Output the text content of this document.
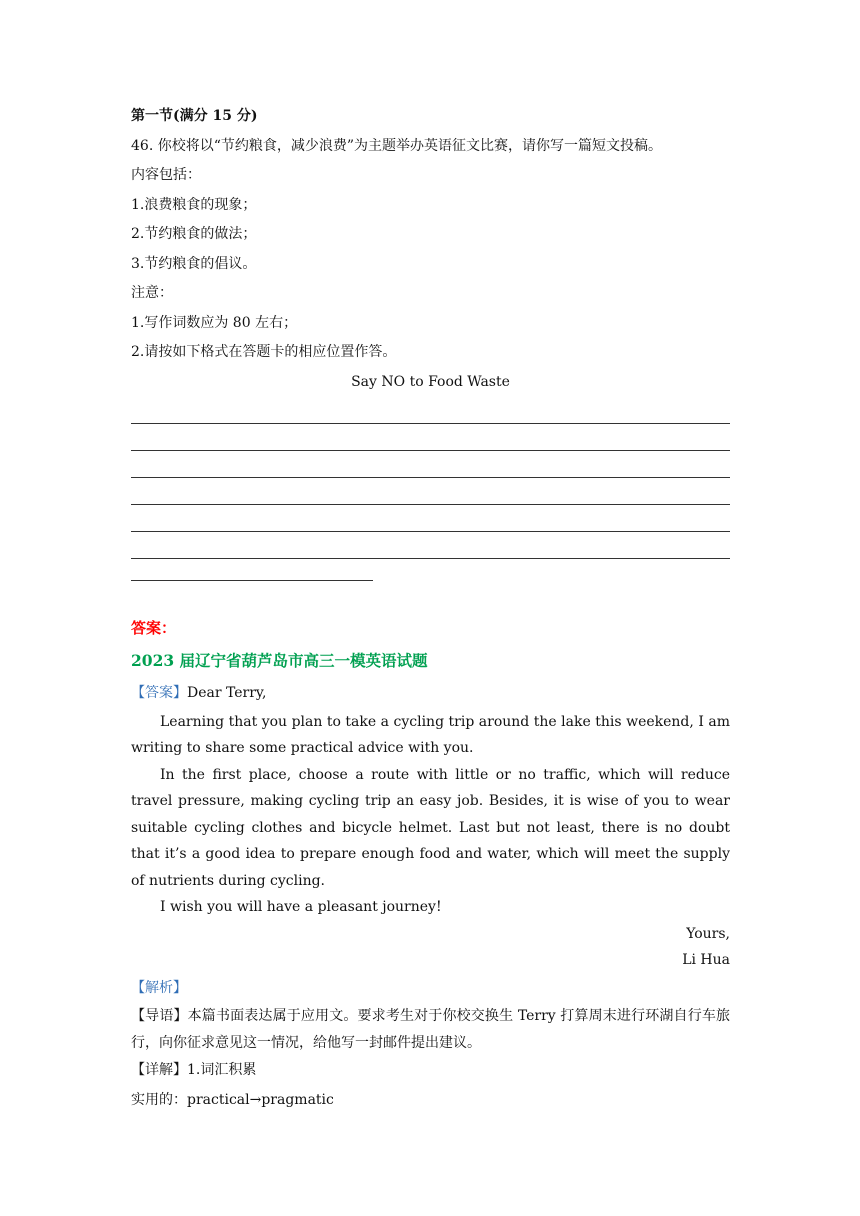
第一节(满分 15 分)
46. 你校将以“节约粮食，减少浪费”为主题举办英语征文比赛，请你写一篇短文投稿。
内容包括：
1.浪费粮食的现象；
2.节约粮食的做法；
3.节约粮食的倡议。
注意：
1.写作词数应为 80 左右；
2.请按如下格式在答题卡的相应位置作答。
Say NO to Food Waste
答案：
2023 届辽宁省葫芦岛市高三一模英语试题
【答案】Dear Terry,
Learning that you plan to take a cycling trip around the lake this weekend, I am writing to share some practical advice with you.
In the first place, choose a route with little or no traffic, which will reduce travel pressure, making cycling trip an easy job. Besides, it is wise of you to wear suitable cycling clothes and bicycle helmet. Last but not least, there is no doubt that it’s a good idea to prepare enough food and water, which will meet the supply of nutrients during cycling.
I wish you will have a pleasant journey!
Yours,
Li Hua
【解析】
【导语】本篇书面表达属于应用文。要求考生对于你校交换生 Terry 打算周末进行环湖自行车旅行，向你征求意见这一情况，给他写一封邮件提出建议。
【详解】1.词汇积累
实用的：practical→pragmatic
